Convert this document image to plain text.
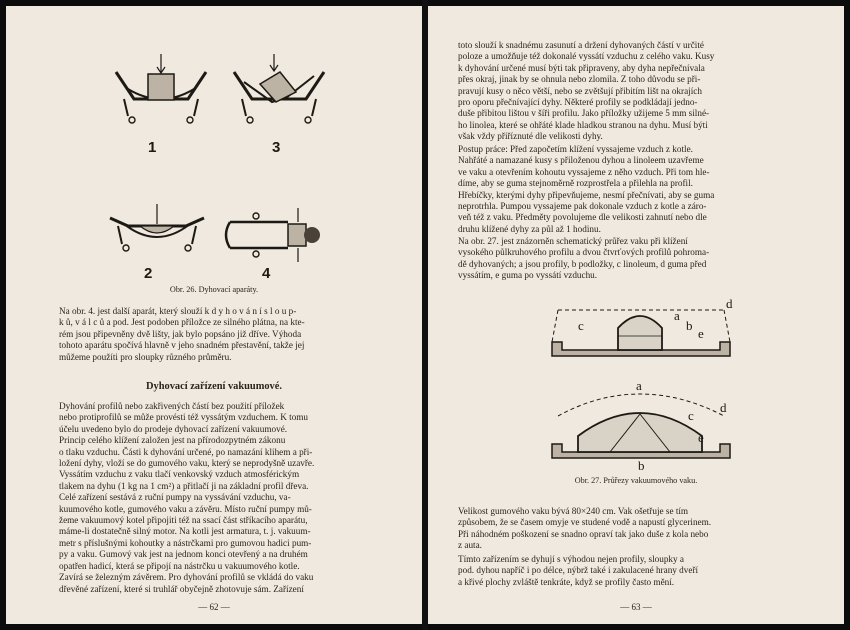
1	3
2	4

Obr. 26. Dyhovací aparáty.

Na obr. 4. jest další aparát, který slouží k d y h o v á n í s l o u p-
k ů, v á l c ů a pod. Jest podoben příložce ze silného plátna, na kte-
rém jsou připevněny dvě lišty, jak bylo popsáno již dříve. Výhoda
tohoto aparátu spočívá hlavně v jeho snadném přestavění, takže jej
můžeme použíti pro sloupky různého průměru.

Dyhovací zařízení vakuumové.

Dyhování profilů nebo zakřivených částí bez použití příložek
nebo protiprofilů se může provésti též vyssátým vzduchem. K tomu
účelu uvedeno bylo do prodeje dyhovací zařízení vakuumové.
Princip celého klížení založen jest na přírodozpytném zákonu
o tlaku vzduchu. Části k dyhování určené, po namazání klihem a při-
ložení dyhy, vloží se do gumového vaku, který se neprodyšně uzavře.
Vyssátím vzduchu z vaku tlačí venkovský vzduch atmosférickým
tlakem na dyhu (1 kg na 1 cm²) a přitlačí ji na základní profil dřeva.
Celé zařízení sestává z ruční pumpy na vyssávání vzduchu, va-
kuumového kotle, gumového vaku a závěru. Místo ruční pumpy mů-
žeme vakuumový kotel připojiti též na ssací část stříkacího aparátu,
máme-li dostatečně silný motor. Na kotli jest armatura, t. j. vakuum-
metr s příslušnými kohoutky a nástrčkami pro gumovou hadici pum-
py a vaku. Gumový vak jest na jednom konci otevřený a na druhém
opatřen hadicí, která se připojí na nástrčku u vakuumového kotle.
Zavírá se železným závěrem. Pro dyhování profilů se vkládá do vaku
dřevěné zařízení, které si truhlář obyčejně zhotovuje sám. Zařízení

— 62 —

toto slouží k snadnému zasunutí a držení dyhovaných částí v určité
poloze a umožňuje též dokonalé vyssátí vzduchu z celého vaku. Kusy
k dyhování určené musí býti tak připraveny, aby dyha nepřečnívala
přes okraj, jinak by se ohnula nebo zlomila. Z toho důvodu se při-
pravují kusy o něco větší, nebo se zvětšují přibitím lišt na okrajích
pro oporu přečnívající dyhy. Některé profily se podkládají jedno-
duše přibitou lištou v šíři profilu. Jako příložky užijeme 5 mm silné-
ho linolea, které se ohřáté klade hladkou stranou na dyhu. Musí býti
však vždy přiříznuté dle velikosti dyhy.

Postup práce: Před započetím klížení vyssajeme vzduch z kotle.
Nahřáté a namazané kusy s přiloženou dyhou a linoleem uzavřeme
ve vaku a otevřením kohoutu vyssajeme z něho vzduch. Při tom hle-
díme, aby se guma stejnoměrně rozprostřela a přilehla na profil.
Hřebíčky, kterými dyhy připevňujeme, nesmí přečnívati, aby se guma
neprotrhla. Pumpou vyssajeme pak dokonale vzduch z kotle a záro-
veň též z vaku. Předměty povolujeme dle velikosti zahnutí nebo dle
druhu klížené dyhy za půl až 1 hodinu.

Na obr. 27. jest znázorněn schematický průřez vaku při klížení
vysokého půlkruhového profilu a dvou čtvrťových profilů pohroma-
dě dyhovaných; a jsou profily, b podložky, c linoleum, d guma před
vyssátím, e guma po vyssátí vzduchu.

c
a
b
e
d
a
c
d
e
b

Obr. 27. Průřezy vakuumového vaku.

Velikost gumového vaku bývá 80×240 cm. Vak ošetřuje se tím
způsobem, že se časem omyje ve studené vodě a napustí glycerinem.
Při náhodném poškození se snadno opraví tak jako duše z kola nebo
z auta.

Tímto zařízením se dyhují s výhodou nejen profily, sloupky a
pod. dyhou napříč i po délce, nýbrž také i zakulacené hrany dveří
a křivé plochy zvláště tenkráte, když se profily často mění.

— 63 —
